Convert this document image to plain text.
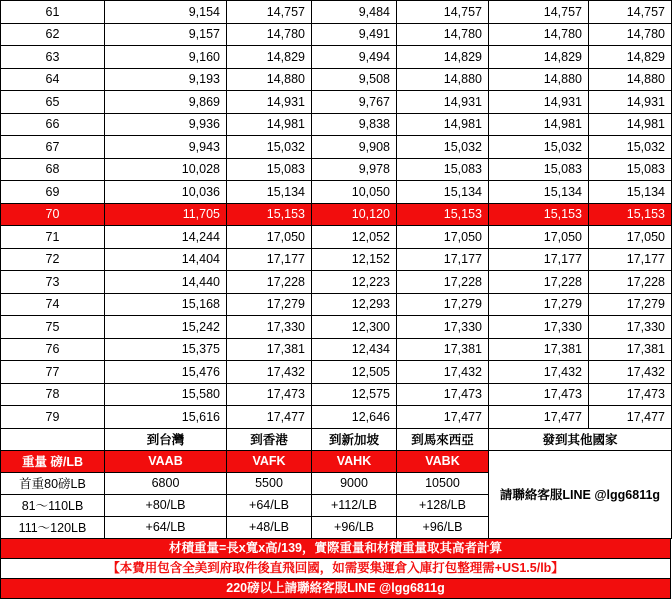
61	9,154	14,757	9,484	14,757	14,757	14,757
62	9,157	14,780	9,491	14,780	14,780	14,780
63	9,160	14,829	9,494	14,829	14,829	14,829
64	9,193	14,880	9,508	14,880	14,880	14,880
65	9,869	14,931	9,767	14,931	14,931	14,931
66	9,936	14,981	9,838	14,981	14,981	14,981
67	9,943	15,032	9,908	15,032	15,032	15,032
68	10,028	15,083	9,978	15,083	15,083	15,083
69	10,036	15,134	10,050	15,134	15,134	15,134
70	11,705	15,153	10,120	15,153	15,153	15,153
71	14,244	17,050	12,052	17,050	17,050	17,050
72	14,404	17,177	12,152	17,177	17,177	17,177
73	14,440	17,228	12,223	17,228	17,228	17,228
74	15,168	17,279	12,293	17,279	17,279	17,279
75	15,242	17,330	12,300	17,330	17,330	17,330
76	15,375	17,381	12,434	17,381	17,381	17,381
77	15,476	17,432	12,505	17,432	17,432	17,432
78	15,580	17,473	12,575	17,473	17,473	17,473
79	15,616	17,477	12,646	17,477	17,477	17,477
	到台灣	到香港	到新加坡	到馬來西亞	發到其他國家	
重量 磅/LB	VAAB	VAFK	VAHK	VABK	請聯絡客服LINE @lgg6811g	
首重80磅LB	6800	5500	9000	10500		
81～110LB	+80/LB	+64/LB	+112/LB	+128/LB		
111～120LB	+64/LB	+48/LB	+96/LB	+96/LB		
材積重量=長x寬x高/139，實際重量和材積重量取其高者計算
【本費用包含全美到府取件後直飛回國，如需要集運倉入庫打包整理需+US1.5/lb】
220磅以上請聯絡客服LINE @lgg6811g
